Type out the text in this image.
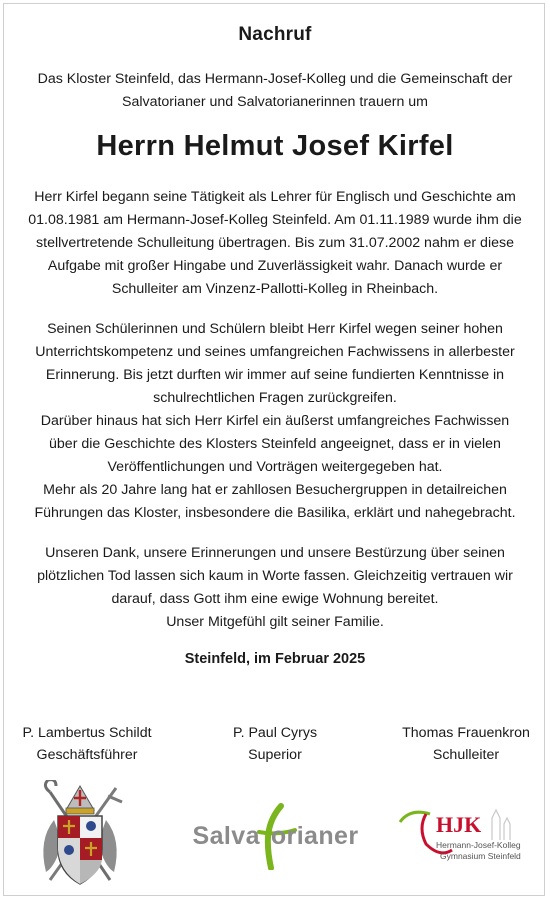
Nachruf
Das Kloster Steinfeld, das Hermann-Josef-Kolleg und die Gemeinschaft der
Salvatorianer und Salvatorianerinnen trauern um
Herrn Helmut Josef Kirfel

Herr Kirfel begann seine Tätigkeit als Lehrer für Englisch und Geschichte am

01.08.1981 am Hermann-Josef-Kolleg Steinfeld. Am 01.11.1989 wurde ihm die

stellvertretende Schulleitung übertragen. Bis zum 31.07.2002 nahm er diese

Aufgabe mit großer Hingabe und Zuverlässigkeit wahr. Danach wurde er

Schulleiter am Vinzenz-Pallotti-Kolleg in Rheinbach.

Seinen Schülerinnen und Schülern bleibt Herr Kirfel wegen seiner hohen

Unterrichtskompetenz und seines umfangreichen Fachwissens in allerbester

Erinnerung. Bis jetzt durften wir immer auf seine fundierten Kenntnisse in

schulrechtlichen Fragen zurückgreifen.

Darüber hinaus hat sich Herr Kirfel ein äußerst umfangreiches Fachwissen

über die Geschichte des Klosters Steinfeld angeeignet, dass er in vielen

Veröffentlichungen und Vorträgen weitergegeben hat.

Mehr als 20 Jahre lang hat er zahllosen Besuchergruppen in detailreichen

Führungen das Kloster, insbesondere die Basilika, erklärt und nahegebracht.

Unseren Dank, unsere Erinnerungen und unsere Bestürzung über seinen

plötzlichen Tod lassen sich kaum in Worte fassen. Gleichzeitig vertrauen wir

darauf, dass Gott ihm eine ewige Wohnung bereitet.

Unser Mitgefühl gilt seiner Familie.

Steinfeld, im Februar 2025
P. Lambertus Schildt
Geschäftsführer
P. Paul Cyrys
Superior
Thomas Frauenkron
Schulleiter
Salva orianer	HJK
Hermann-Josef-Kolleg
Gymnasium Steinfeld
